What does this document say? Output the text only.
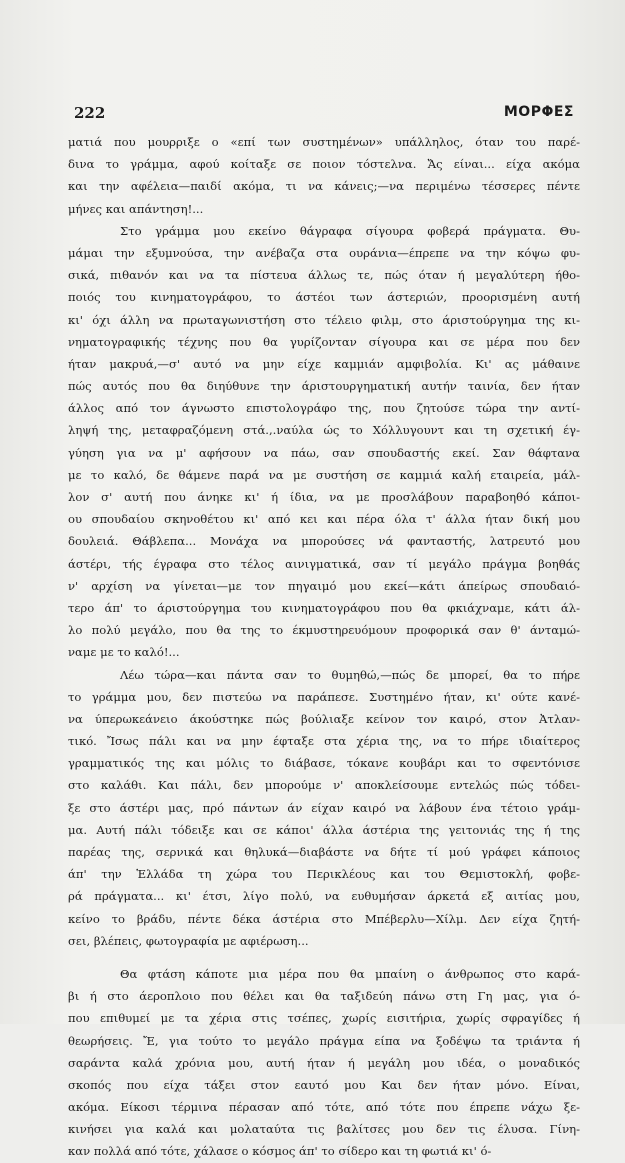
222	ΜΟΡΦΕΣ
ματιά που μουρριξε ο «επί των συστημένων» υπάλληλος, όταν του παρέ-
δινα το γράμμα, αφού κοίταξε σε ποιον τόστελνα. Ἄς είναι... είχα ακόμα
και την αφέλεια—παιδί ακόμα, τι να κάνεις;—να περιμένω τέσσερες πέντε
μήνες και απάντηση!...
Στο γράμμα μου εκείνο θάγραφα σίγουρα φοβερά πράγματα. Θυ-
μάμαι την εξυμνούσα, την ανέβαζα στα ουράνια—έπρεπε να την κόψω φυ-
σικά, πιθανόν και να τα πίστευα άλλως τε, πώς όταν ή μεγαλύτερη ήθο-
ποιός του κινηματογράφου, το άστέοι των άστεριών, προορισμένη αυτή
κι' όχι άλλη να πρωταγωνιστήση στο τέλειο φιλμ, στο άριστούργημα της κι-
νηματογραφικής τέχνης που θα γυρίζονταν σίγουρα και σε μέρα που δεν
ήταν μακρυά,—σ' αυτό να μην είχε καμμιάν αμφιβολία. Κι' ας μάθαινε
πώς αυτός που θα διηύθυνε την άριστουργηματική αυτήν ταινία, δεν ήταν
άλλος από τον άγνωστο επιστολογράφο της, που ζητούσε τώρα την αντί-
ληψή της, μεταφραζόμενη στά.,.ναύλα ώς το Χόλλυγουντ και τη σχετική έγ-
γύηση για να μ' αφήσουν να πάω, σαν σπουδαστής εκεί. Σαν θάφτανα
με το καλό, δε θάμενε παρά να με συστήση σε καμμιά καλή εταιρεία, μάλ-
λον σ' αυτή που άνηκε κι' ή ίδια, να με προσλάβουν παραβοηθό κάποι-
ου σπουδαίου σκηνοθέτου κι' από κει και πέρα όλα τ' άλλα ήταν δική μου
δουλειά. Θάβλεπα... Μονάχα να μπορούσες νά φανταστής, λατρευτό μου
άστέρι, τής έγραφα στο τέλος αινιγματικά, σαν τί μεγάλο πράγμα βοηθάς
ν' αρχίση να γίνεται—με τον πηγαιμό μου εκεί—κάτι άπείρως σπουδαιό-
τερο άπ' το άριστούργημα του κινηματογράφου που θα φκιάχναμε, κάτι άλ-
λο πολύ μεγάλο, που θα της το έκμυστηρευόμουν προφορικά σαν θ' άνταμώ-
ναμε με το καλό!...
Λέω τώρα—και πάντα σαν το θυμηθώ,—πώς δε μπορεί, θα το πήρε
το γράμμα μου, δεν πιστεύω να παράπεσε. Συστημένο ήταν, κι' ούτε κανέ-
να ύπερωκεάνειο άκούστηκε πώς βούλιαξε κείνον τον καιρό, στον Ἀτλαν-
τικό. Ἴσως πάλι και να μην έφταξε στα χέρια της, να το πήρε ιδιαίτερος
γραμματικός της και μόλις το διάβασε, τόκανε κουβάρι και το σφεντόνισε
στο καλάθι. Και πάλι, δεν μπορούμε ν' αποκλείσουμε εντελώς πώς τόδει-
ξε στο άστέρι μας, πρό πάντων άν είχαν καιρό να λάβουν ένα τέτοιο γράμ-
μα. Αυτή πάλι τόδειξε και σε κάποι' άλλα άστέρια της γειτονιάς της ή της
παρέας της, σερνικά και θηλυκά—διαβάστε να δήτε τί μού γράφει κάποιος
άπ' την Ἑλλάδα τη χώρα του Περικλέους και του Θεμιστοκλή, φοβε-
ρά πράγματα... κι' έτσι, λίγο πολύ, να ευθυμήσαν άρκετά εξ αιτίας μου,
κείνο το βράδυ, πέντε δέκα άστέρια στο Μπέβερλυ—Χίλμ. Δεν είχα ζητή-
σει, βλέπεις, φωτογραφία με αφιέρωση...
Θα φτάση κάποτε μια μέρα που θα μπαίνη ο άνθρωπος στο καρά-
βι ή στο άεροπλοιο που θέλει και θα ταξιδεύη πάνω στη Γη μας, για ό-
που επιθυμεί με τα χέρια στις τσέπες, χωρίς εισιτήρια, χωρίς σφραγίδες ή
θεωρήσεις. Ἔ, για τούτο το μεγάλο πράγμα είπα να ξοδέψω τα τριάντα ή
σαράντα καλά χρόνια μου, αυτή ήταν ή μεγάλη μου ιδέα, ο μοναδικός
σκοπός που είχα τάξει στον εαυτό μου Και δεν ήταν μόνο. Είναι,
ακόμα. Είκοσι τέρμινα πέρασαν από τότε, από τότε που έπρεπε νάχω ξε-
κινήσει για καλά και μολαταύτα τις βαλίτσες μου δεν τις έλυσα. Γίνη-
καν πολλά από τότε, χάλασε ο κόσμος άπ' το σίδερο και τη φωτιά κι' ό-
